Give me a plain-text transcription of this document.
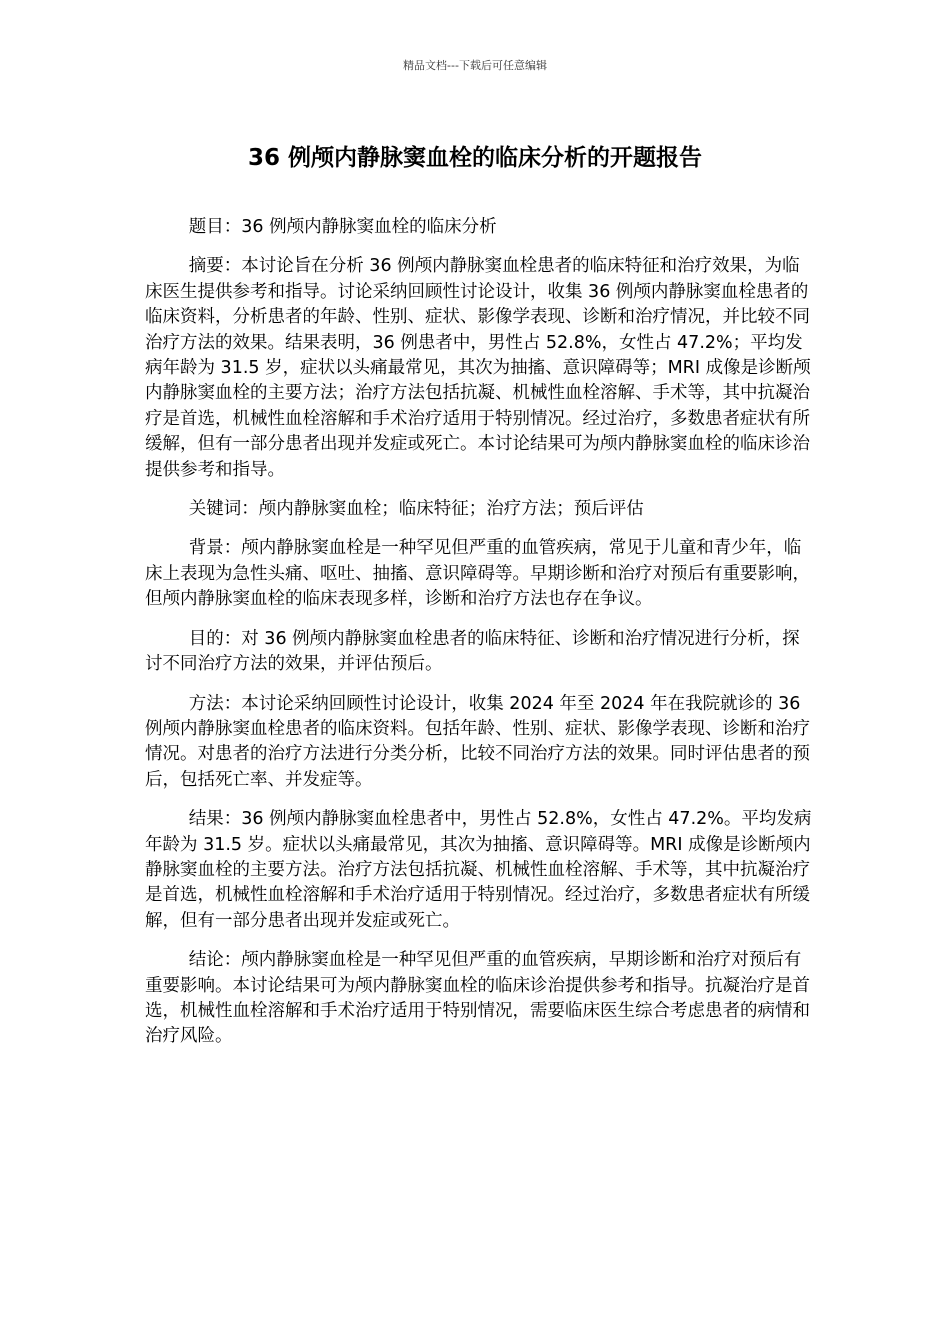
精品文档---下载后可任意编辑
36 例颅内静脉窦血栓的临床分析的开题报告

题目：36 例颅内静脉窦血栓的临床分析

摘要：本讨论旨在分析 36 例颅内静脉窦血栓患者的临床特征和治疗效果，为临床医生提供参考和指导。讨论采纳回顾性讨论设计，收集 36 例颅内静脉窦血栓患者的临床资料，分析患者的年龄、性别、症状、影像学表现、诊断和治疗情况，并比较不同治疗方法的效果。结果表明，36 例患者中，男性占 52.8%，女性占 47.2%；平均发病年龄为 31.5 岁，症状以头痛最常见，其次为抽搐、意识障碍等；MRI 成像是诊断颅内静脉窦血栓的主要方法；治疗方法包括抗凝、机械性血栓溶解、手术等，其中抗凝治疗是首选，机械性血栓溶解和手术治疗适用于特别情况。经过治疗，多数患者症状有所缓解，但有一部分患者出现并发症或死亡。本讨论结果可为颅内静脉窦血栓的临床诊治提供参考和指导。

关键词：颅内静脉窦血栓；临床特征；治疗方法；预后评估

背景：颅内静脉窦血栓是一种罕见但严重的血管疾病，常见于儿童和青少年，临床上表现为急性头痛、呕吐、抽搐、意识障碍等。早期诊断和治疗对预后有重要影响，但颅内静脉窦血栓的临床表现多样，诊断和治疗方法也存在争议。

目的：对 36 例颅内静脉窦血栓患者的临床特征、诊断和治疗情况进行分析，探讨不同治疗方法的效果，并评估预后。

方法：本讨论采纳回顾性讨论设计，收集 2024 年至 2024 年在我院就诊的 36 例颅内静脉窦血栓患者的临床资料。包括年龄、性别、症状、影像学表现、诊断和治疗情况。对患者的治疗方法进行分类分析，比较不同治疗方法的效果。同时评估患者的预后，包括死亡率、并发症等。

结果：36 例颅内静脉窦血栓患者中，男性占 52.8%，女性占 47.2%。平均发病年龄为 31.5 岁。症状以头痛最常见，其次为抽搐、意识障碍等。MRI 成像是诊断颅内静脉窦血栓的主要方法。治疗方法包括抗凝、机械性血栓溶解、手术等，其中抗凝治疗是首选，机械性血栓溶解和手术治疗适用于特别情况。经过治疗，多数患者症状有所缓解，但有一部分患者出现并发症或死亡。

结论：颅内静脉窦血栓是一种罕见但严重的血管疾病，早期诊断和治疗对预后有重要影响。本讨论结果可为颅内静脉窦血栓的临床诊治提供参考和指导。抗凝治疗是首选，机械性血栓溶解和手术治疗适用于特别情况，需要临床医生综合考虑患者的病情和治疗风险。
